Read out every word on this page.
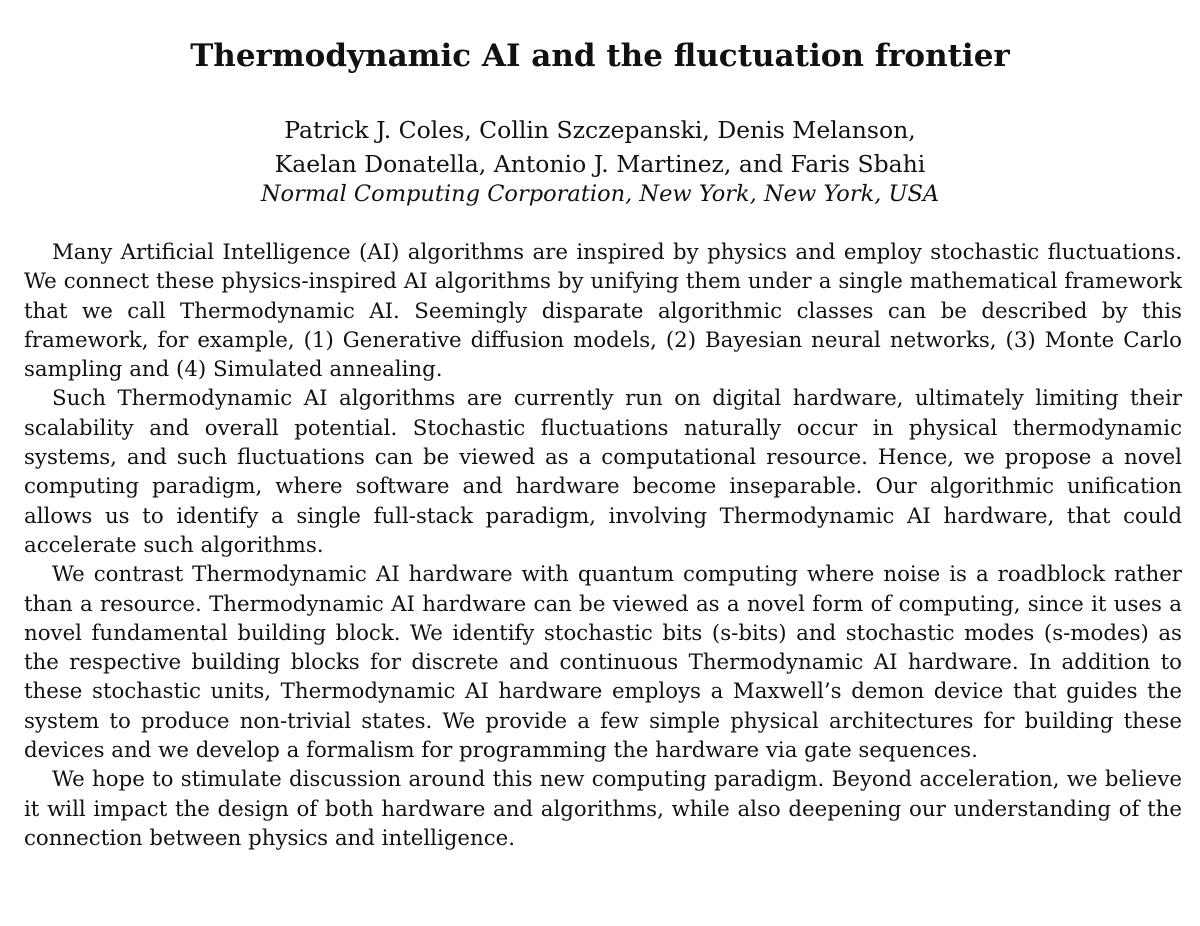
Thermodynamic AI and the fluctuation frontier
Patrick J. Coles, Collin Szczepanski, Denis Melanson,
Kaelan Donatella, Antonio J. Martinez, and Faris Sbahi
Normal Computing Corporation, New York, New York, USA

Many Artificial Intelligence (AI) algorithms are inspired by physics and employ stochastic fluctuations. We connect these physics-inspired AI algorithms by unifying them under a single mathematical framework that we call Thermodynamic AI. Seemingly disparate algorithmic classes can be described by this framework, for example, (1) Generative diffusion models, (2) Bayesian neural networks, (3) Monte Carlo sampling and (4) Simulated annealing.

Such Thermodynamic AI algorithms are currently run on digital hardware, ultimately limiting their scalability and overall potential. Stochastic fluctuations naturally occur in physical thermodynamic systems, and such fluctuations can be viewed as a computational resource. Hence, we propose a novel computing paradigm, where software and hardware become inseparable. Our algorithmic unification allows us to identify a single full-stack paradigm, involving Thermodynamic AI hardware, that could accelerate such algorithms.

We contrast Thermodynamic AI hardware with quantum computing where noise is a roadblock rather than a resource. Thermodynamic AI hardware can be viewed as a novel form of computing, since it uses a novel fundamental building block. We identify stochastic bits (s-bits) and stochastic modes (s-modes) as the respective building blocks for discrete and continuous Thermodynamic AI hardware. In addition to these stochastic units, Thermodynamic AI hardware employs a Maxwell’s demon device that guides the system to produce non-trivial states. We provide a few simple physical architectures for building these devices and we develop a formalism for programming the hardware via gate sequences.

We hope to stimulate discussion around this new computing paradigm. Beyond acceleration, we believe it will impact the design of both hardware and algorithms, while also deepening our understanding of the connection between physics and intelligence.
